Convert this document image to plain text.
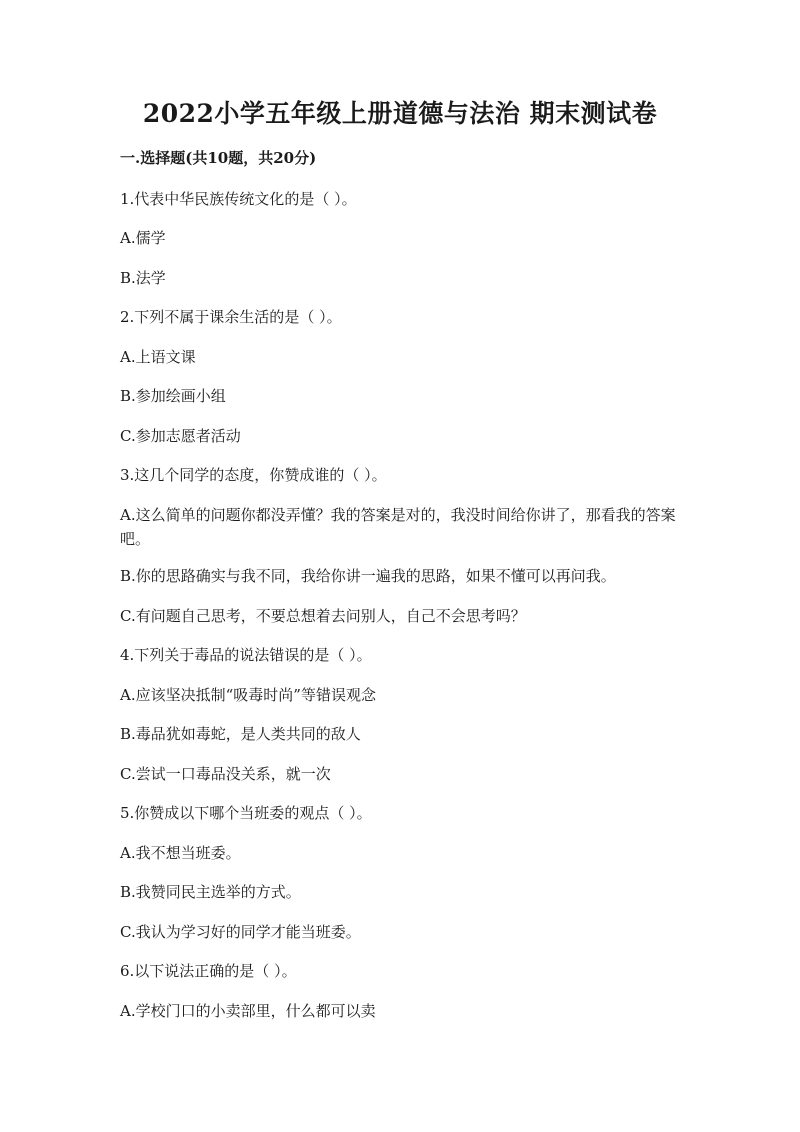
2022小学五年级上册道德与法治 期末测试卷
一.选择题(共10题，共20分)
1.代表中华民族传统文化的是（ ）。
A.儒学
B.法学
2.下列不属于课余生活的是（ ）。
A.上语文课
B.参加绘画小组
C.参加志愿者活动
3.这几个同学的态度，你赞成谁的（ ）。
A.这么简单的问题你都没弄懂？我的答案是对的，我没时间给你讲了，那看我的答案吧。
B.你的思路确实与我不同，我给你讲一遍我的思路，如果不懂可以再问我。
C.有问题自己思考，不要总想着去问别人，自己不会思考吗？
4.下列关于毒品的说法错误的是（ ）。
A.应该坚决抵制“吸毒时尚”等错误观念
B.毒品犹如毒蛇，是人类共同的敌人
C.尝试一口毒品没关系，就一次
5.你赞成以下哪个当班委的观点（ ）。
A.我不想当班委。
B.我赞同民主选举的方式。
C.我认为学习好的同学才能当班委。
6.以下说法正确的是（ ）。
A.学校门口的小卖部里，什么都可以卖
